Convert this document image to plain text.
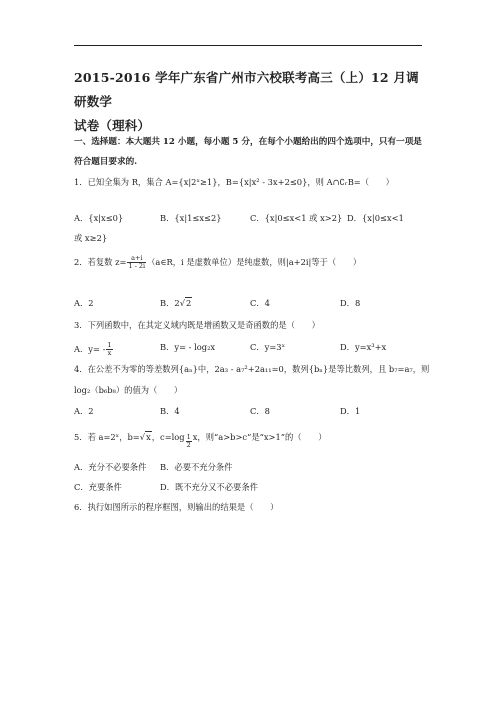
2015-2016 学年广东省广州市六校联考高三（上）12 月调研数学
试卷（理科）
一、选择题：本大题共 12 小题，每小题 5 分，在每个小题给出的四个选项中，只有一项是
符合题目要求的.
1．已知全集为 R，集合 A={x|2ˣ≥1}，B={x|x² - 3x+2≤0}，则 A∩∁ᵣB=（　　）
A．{x|x≤0}	B．{x|1≤x≤2}	C．{x|0≤x<1 或 x>2} D．{x|0≤x<1
或 x≥2}
2．若复数 $z= \frac{a+i}{1 - 2i}$ （a∈R，i 是虚数单位）是纯虚数，则|a+2i|等于（　　）
A．2	B．2√2	C．4	D．8
3．下列函数中，在其定义域内既是增函数又是奇函数的是（　　）
A．$y= - \frac{1}{x}$	B．y= - log₂x	C．y=3ˣ	D．y=x³+x
4．在公差不为零的等差数列{aₙ}中，2a₃ - a₇²+2a₁₁=0，数列{bₙ}是等比数列，且 b₇=a₇，则
log₂（b₆b₈）的值为（　　）
A．2	B．4	C．8	D．1
5．若 a=2ˣ，b=√x，$c=\log \frac{1}{2}$ x，则“a>b>c”是“x>1”的（　　）
A．充分不必要条件 B．必要不充分条件
C．充要条件	D．既不充分又不必要条件
6．执行如图所示的程序框图，则输出的结果是（　　）
